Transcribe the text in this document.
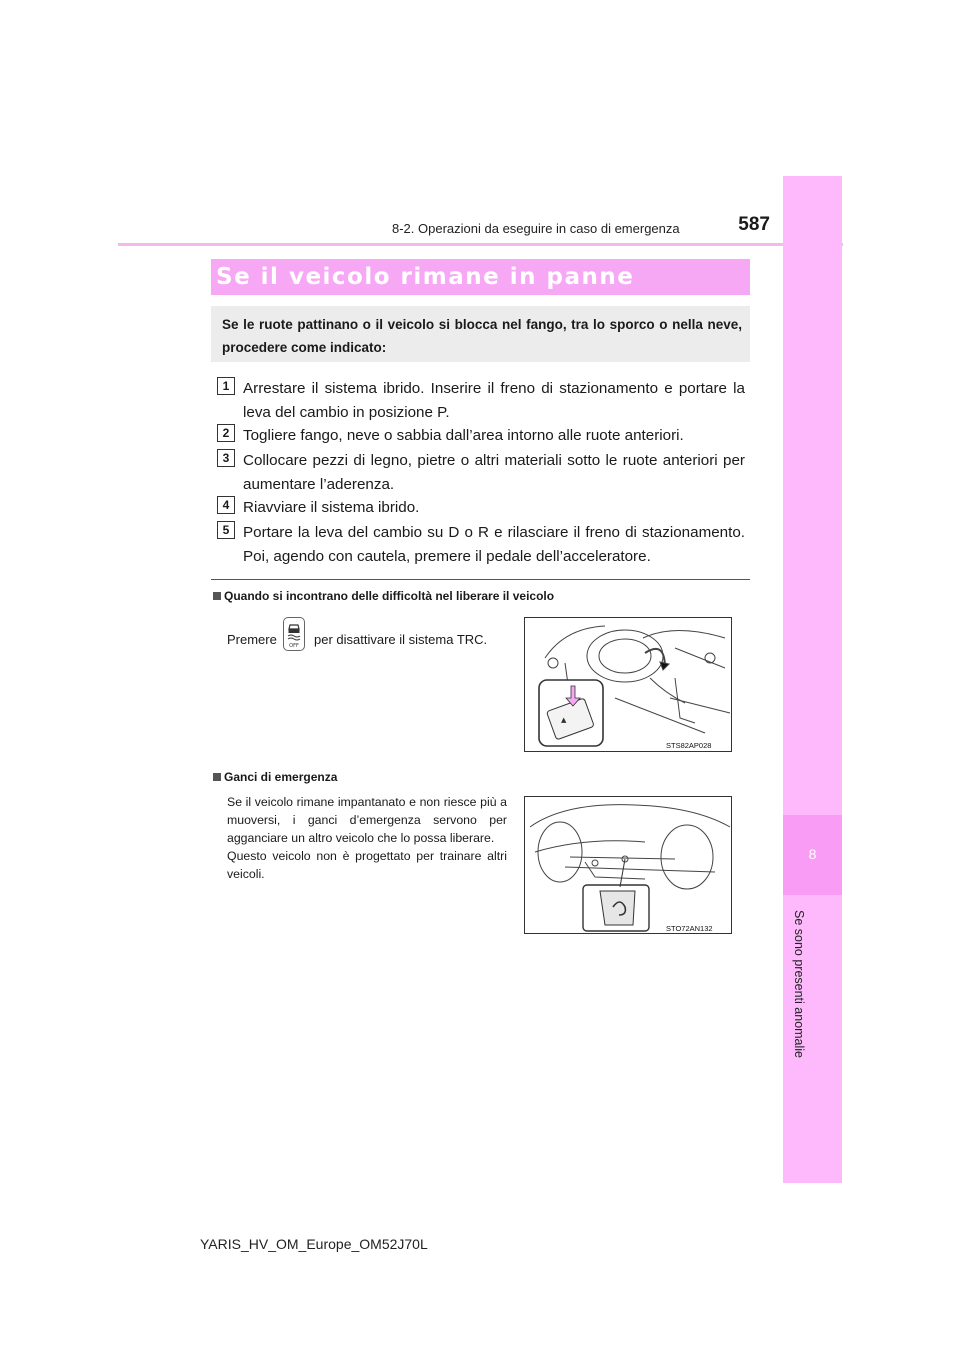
8-2. Operazioni da eseguire in caso di emergenza	587
8
Se sono presenti anomalie
Se il veicolo rimane in panne
Se le ruote pattinano o il veicolo si blocca nel fango, tra lo sporco o nella neve, procedere come indicato:
1 Arrestare il sistema ibrido. Inserire il freno di stazionamento e portare la leva del cambio in posizione P.
2 Togliere fango, neve o sabbia dall’area intorno alle ruote anteriori.
3 Collocare pezzi di legno, pietre o altri materiali sotto le ruote anteriori per aumentare l’aderenza.
4 Riavviare il sistema ibrido.
5 Portare la leva del cambio su D o R e rilasciare il freno di stazionamento. Poi, agendo con cautela, premere il pedale dell’acceleratore.
Quando si incontrano delle difficoltà nel liberare il veicolo
Premere OFF per disattivare il sistema TRC.
▲
STS82AP028
Ganci di emergenza

Se il veicolo rimane impantanato e non riesce più a muoversi, i ganci d’emergenza servono per agganciare un altro veicolo che lo possa liberare.

Questo veicolo non è progettato per trainare altri veicoli.

STO72AN132
YARIS_HV_OM_Europe_OM52J70L
